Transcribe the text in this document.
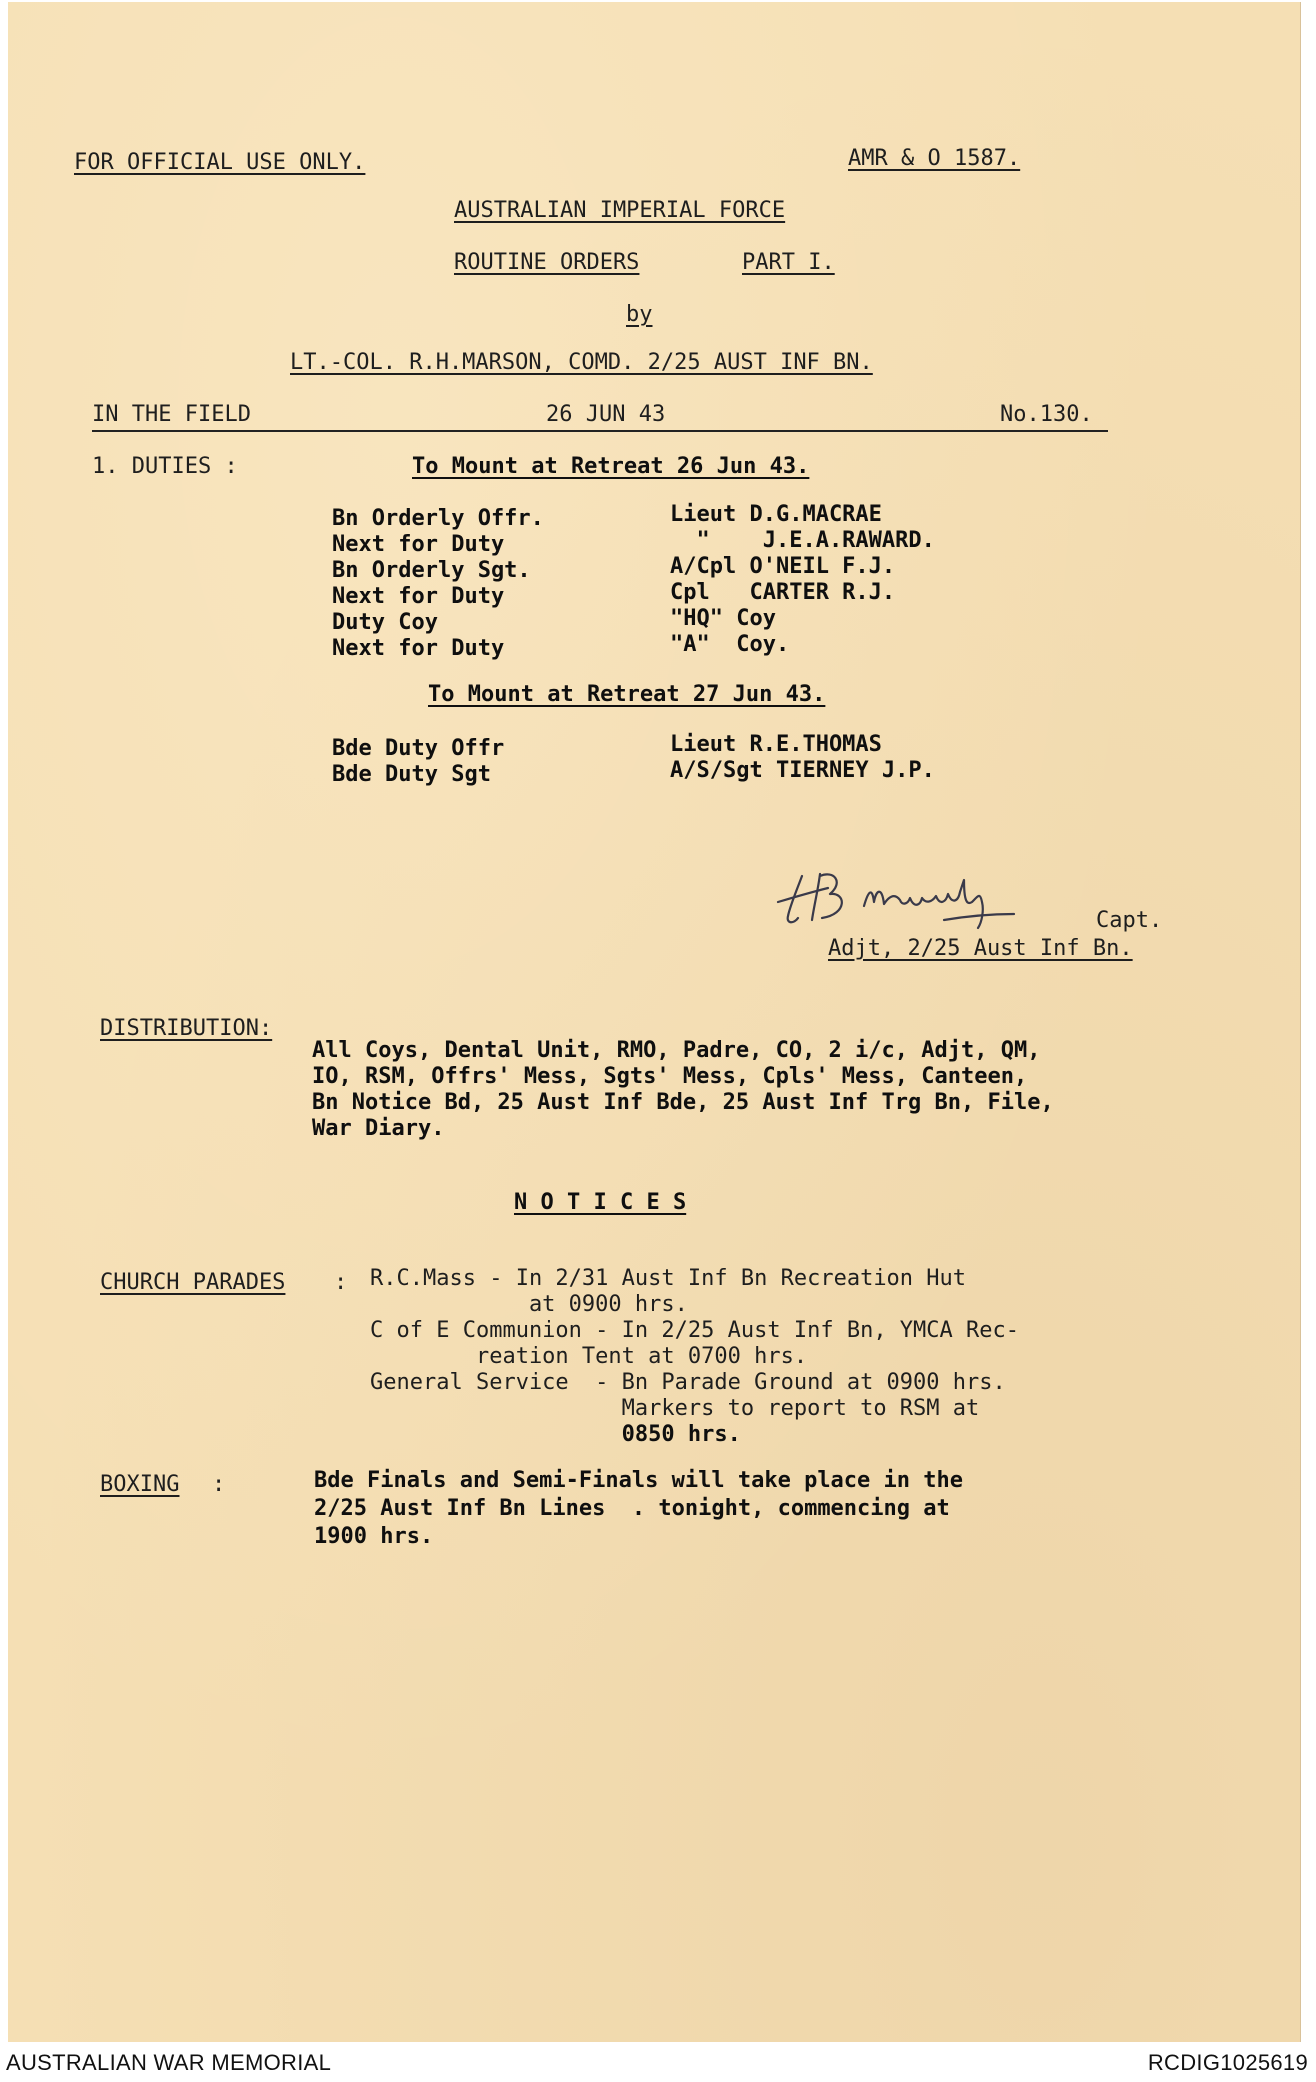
FOR OFFICIAL USE ONLY.	AMR & O 1587.
AUSTRALIAN IMPERIAL FORCE
ROUTINE ORDERS	PART I.
by
LT.-COL. R.H.MARSON, COMD. 2/25 AUST INF BN.
IN THE FIELD	26 JUN 43	No.130.
1. DUTIES :	To Mount at Retreat 26 Jun 43.
Bn Orderly Offr.	Lieut D.G.MACRAE
Next for Duty	"    J.E.A.RAWARD.
Bn Orderly Sgt.	A/Cpl O'NEIL F.J.
Next for Duty	Cpl   CARTER R.J.
Duty Coy	"HQ" Coy
Next for Duty	"A"  Coy.
To Mount at Retreat 27 Jun 43.
Bde Duty Offr	Lieut R.E.THOMAS
Bde Duty Sgt	A/S/Sgt TIERNEY J.P.
Capt.
Adjt, 2/25 Aust Inf Bn.
DISTRIBUTION:
All Coys, Dental Unit, RMO, Padre, CO, 2 i/c, Adjt, QM,
IO, RSM, Offrs' Mess, Sgts' Mess, Cpls' Mess, Canteen,
Bn Notice Bd, 25 Aust Inf Bde, 25 Aust Inf Trg Bn, File,
War Diary.
N O T I C E S
CHURCH PARADES : R.C.Mass - In 2/31 Aust Inf Bn Recreation Hut
at 0900 hrs.
C of E Communion - In 2/25 Aust Inf Bn, YMCA Rec-
reation Tent at 0700 hrs.
General Service  - Bn Parade Ground at 0900 hrs.
Markers to report to RSM at
0850 hrs.
BOXING :	Bde Finals and Semi-Finals will take place in the
2/25 Aust Inf Bn Lines  . tonight, commencing at
1900 hrs.
AUSTRALIAN WAR MEMORIAL	RCDIG1025619
